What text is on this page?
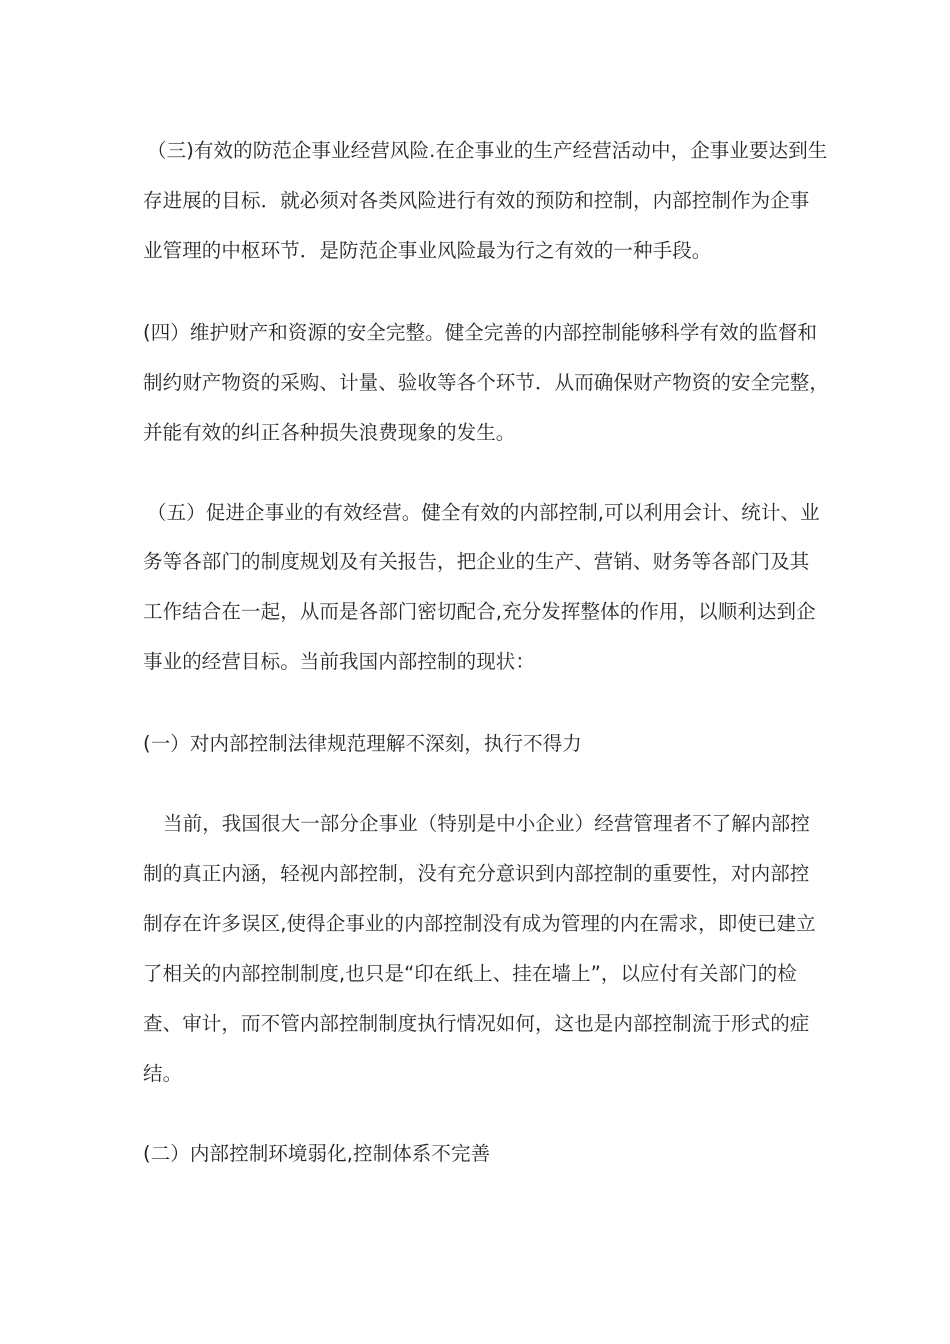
（三)有效的防范企事业经营风险.在企事业的生产经营活动中，企事业要达到生
存进展的目标．就必须对各类风险进行有效的预防和控制，内部控制作为企事
业管理的中枢环节．是防范企事业风险最为行之有效的一种手段。
(四）维护财产和资源的安全完整。健全完善的内部控制能够科学有效的监督和
制约财产物资的采购、计量、验收等各个环节．从而确保财产物资的安全完整，
并能有效的纠正各种损失浪费现象的发生。
（五）促进企事业的有效经营。健全有效的内部控制,可以利用会计、统计、业
务等各部门的制度规划及有关报告，把企业的生产、营销、财务等各部门及其
工作结合在一起，从而是各部门密切配合,充分发挥整体的作用，以顺利达到企
事业的经营目标。当前我国内部控制的现状：
(一）对内部控制法律规范理解不深刻，执行不得力
当前，我国很大一部分企事业（特别是中小企业）经营管理者不了解内部控
制的真正内涵，轻视内部控制，没有充分意识到内部控制的重要性，对内部控
制存在许多误区,使得企事业的内部控制没有成为管理的内在需求，即使已建立
了相关的内部控制制度,也只是“印在纸上、挂在墙上”，以应付有关部门的检
查、审计，而不管内部控制制度执行情况如何，这也是内部控制流于形式的症
结。
(二）内部控制环境弱化,控制体系不完善
